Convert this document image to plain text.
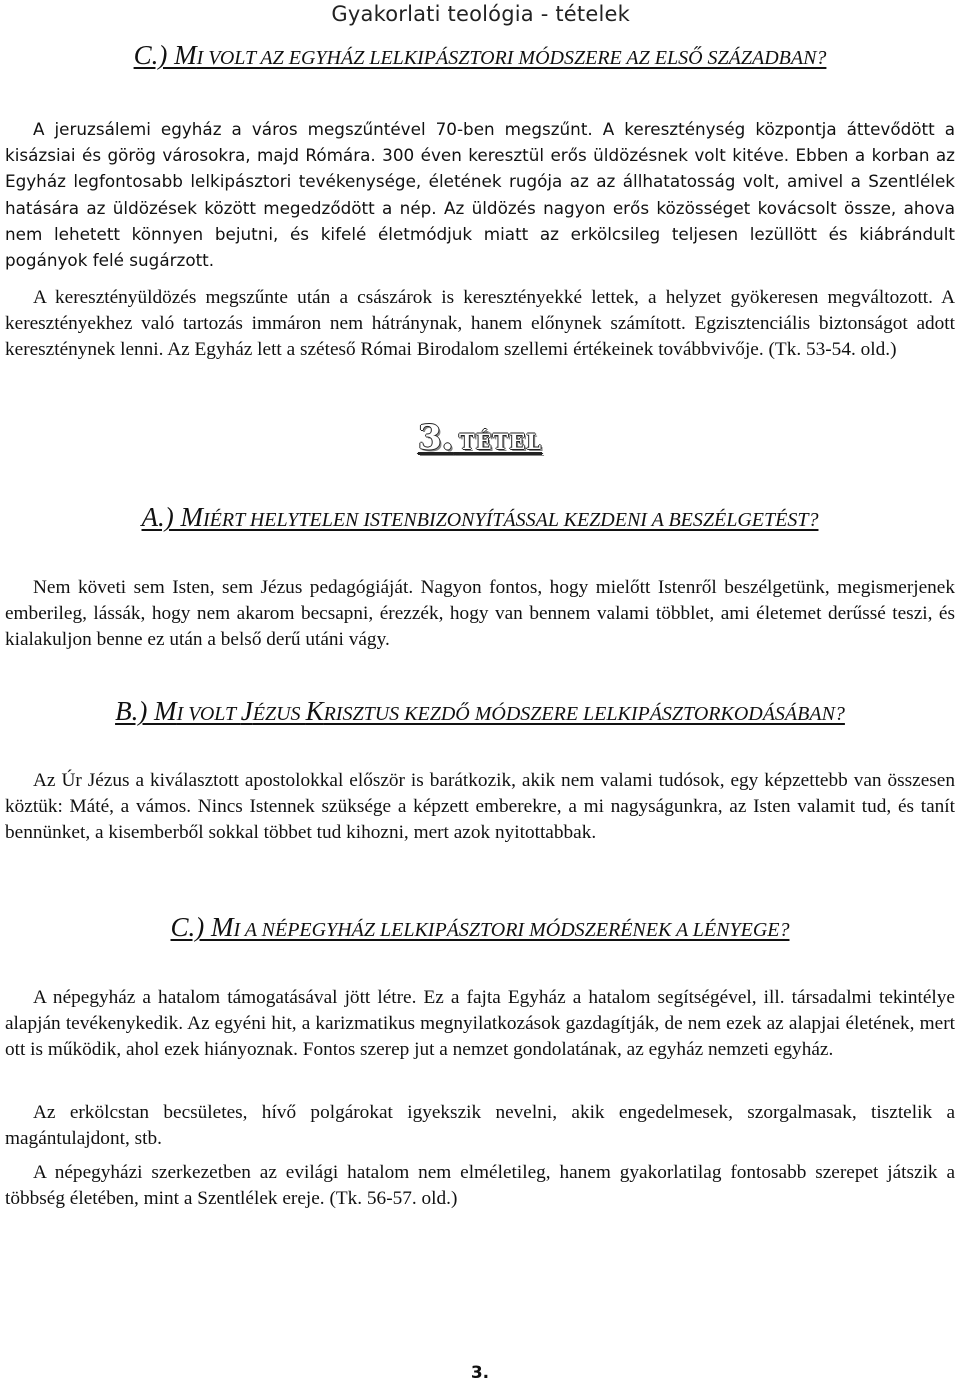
Gyakorlati teológia - tételek
C.) MI VOLT AZ EGYHÁZ LELKIPÁSZTORI MÓDSZERE AZ ELSŐ SZÁZADBAN?

A jeruzsálemi egyház a város megszűntével 70-ben megszűnt. A kereszténység központja áttevődött a kisázsiai és görög városokra, majd Rómára. 300 éven keresztül erős üldözésnek volt kitéve. Ebben a korban az Egyház legfontosabb lelkipásztori tevékenysége, életének rugója az az állhatatosság volt, amivel a Szentlélek hatására az üldözések között megedződött a nép. Az üldözés nagyon erős közösséget kovácsolt össze, ahova nem lehetett könnyen bejutni, és kifelé életmódjuk miatt az erkölcsileg teljesen lezüllött és kiábrándult pogányok felé sugárzott.

A keresztényüldözés megszűnte után a császárok is keresztényekké lettek, a helyzet gyökeresen megváltozott. A keresztényekhez való tartozás immáron nem hátránynak, hanem előnynek számított. Egzisztenciális biztonságot adott kereszténynek lenni. Az Egyház lett a széteső Római Birodalom szellemi értékeinek továbbvivője. (Tk. 53-54. old.)

3. TÉTEL
A.) MIÉRT HELYTELEN ISTENBIZONYÍTÁSSAL KEZDENI A BESZÉLGETÉST?

Nem követi sem Isten, sem Jézus pedagógiáját. Nagyon fontos, hogy mielőtt Istenről beszélgetünk, megismerjenek emberileg, lássák, hogy nem akarom becsapni, érezzék, hogy van bennem valami többlet, ami életemet derűssé teszi, és kialakuljon benne ez után a belső derű utáni vágy.

B.) MI VOLT JÉZUS KRISZTUS KEZDŐ MÓDSZERE LELKIPÁSZTORKODÁSÁBAN?

Az Úr Jézus a kiválasztott apostolokkal először is barátkozik, akik nem valami tudósok, egy képzettebb van összesen köztük: Máté, a vámos. Nincs Istennek szüksége a képzett emberekre, a mi nagyságunkra, az Isten valamit tud, és tanít bennünket, a kisemberből sokkal többet tud kihozni, mert azok nyitottabbak.

C.) MI A NÉPEGYHÁZ LELKIPÁSZTORI MÓDSZERÉNEK A LÉNYEGE?

A népegyház a hatalom támogatásával jött létre. Ez a fajta Egyház a hatalom segítségével, ill. társadalmi tekintélye alapján tevékenykedik. Az egyéni hit, a karizmatikus megnyilatkozások gazdagítják, de nem ezek az alapjai életének, mert ott is működik, ahol ezek hiányoznak. Fontos szerep jut a nemzet gondolatának, az egyház nemzeti egyház.

Az erkölcstan becsületes, hívő polgárokat igyekszik nevelni, akik engedelmesek, szorgalmasak, tisztelik a magántulajdont, stb.

A népegyházi szerkezetben az evilági hatalom nem elméletileg, hanem gyakorlatilag fontosabb szerepet játszik a többség életében, mint a Szentlélek ereje. (Tk. 56-57. old.)

3.
